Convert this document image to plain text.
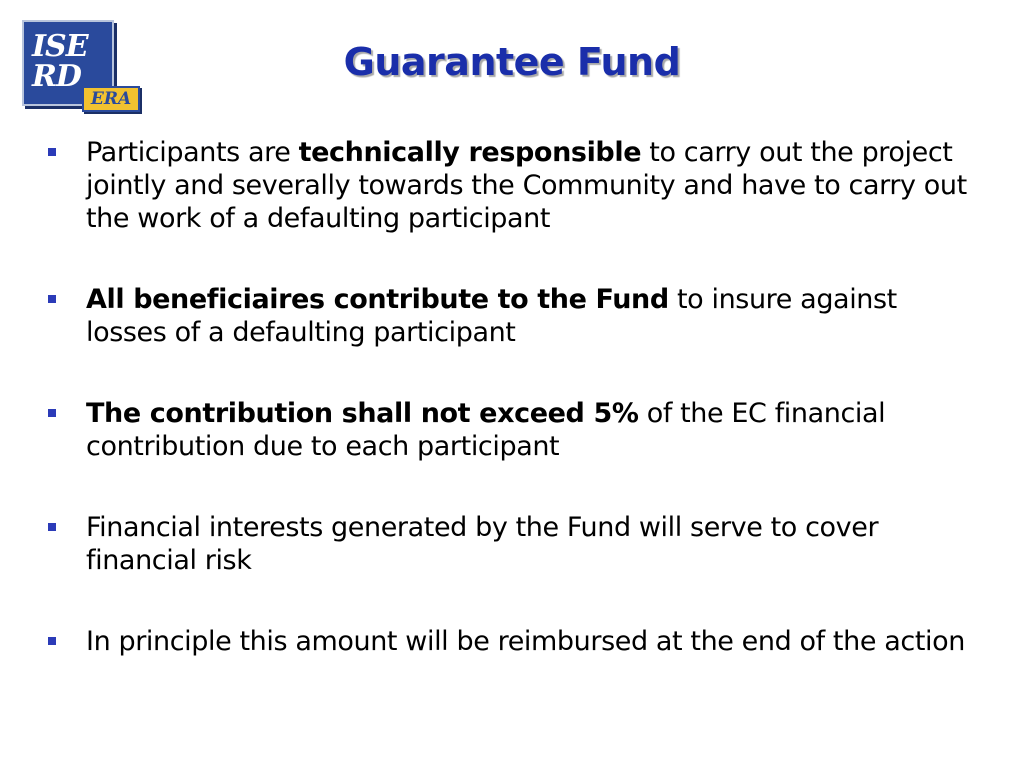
ISE
RD
ERA
Guarantee Fund
Participants are technically responsible to carry out the project jointly and severally towards the Community and have to carry out the work of a defaulting participant
All beneficiaires contribute to the Fund to insure against losses of a defaulting participant
The contribution shall not exceed 5% of the EC financial contribution due to each participant
Financial interests generated by the Fund will serve to cover financial risk
In principle this amount will be reimbursed at the end of the action
